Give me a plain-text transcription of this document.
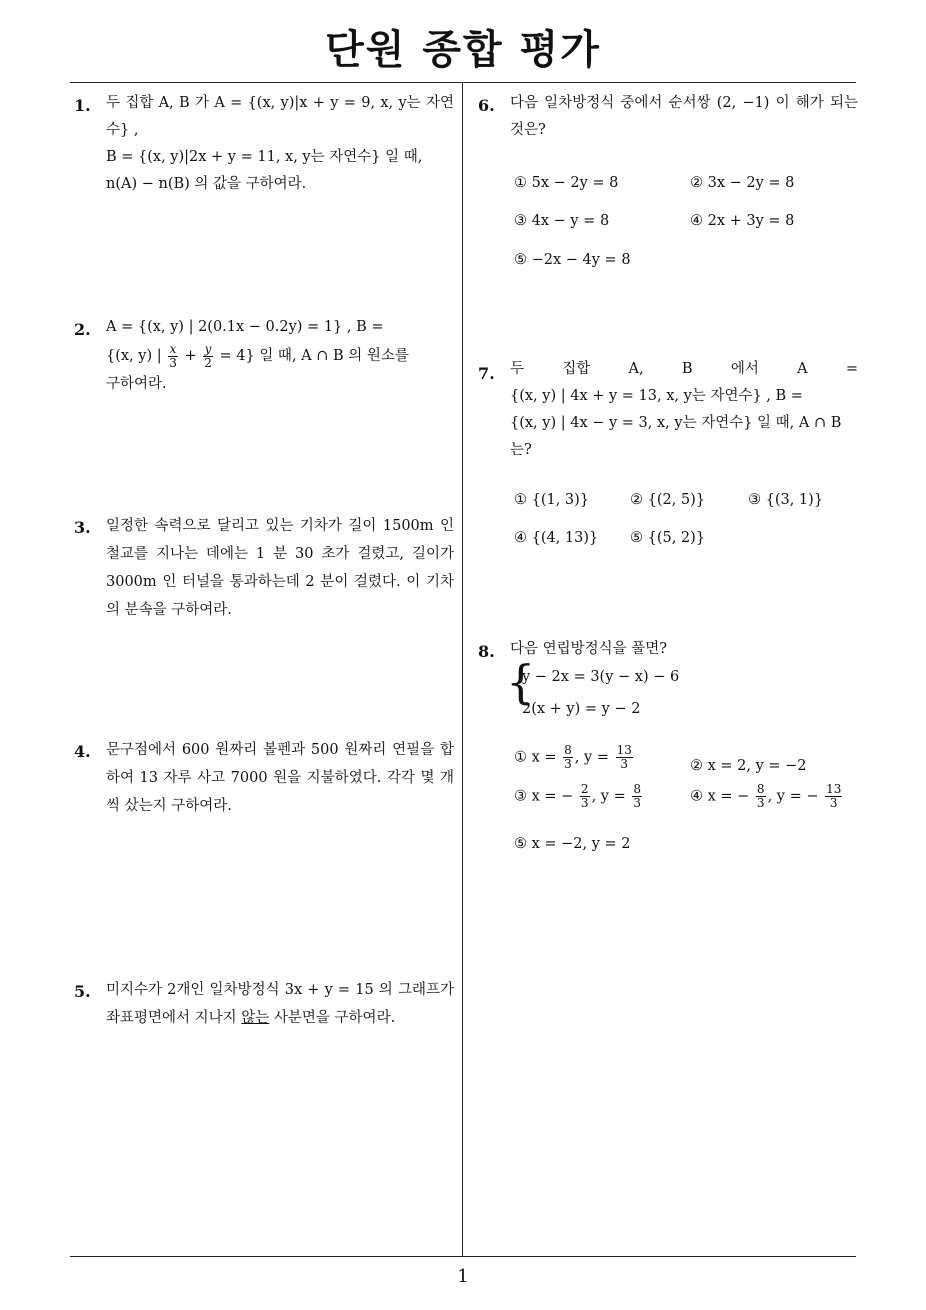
단원 종합 평가
1
1. 두 집합 A, B 가 A = {(x, y)|x + y = 9, x, y는 자연수} ,
B = {(x, y)|2x + y = 11, x, y는 자연수} 일 때,
n(A) − n(B) 의 값을 구하여라.
2. A = {(x, y) | 2(0.1x − 0.2y) = 1} , B =
{(x, y) | $\frac{x}{3} + \frac{y}{2} = 4$} 일 때, A ∩ B 의 원소를
구하여라.
3. 일정한 속력으로 달리고 있는 기차가 길이 1500m 인 철교를 지나는 데에는 1 분 30 초가 걸렸고, 길이가 3000m 인 터널을 통과하는데 2 분이 걸렸다. 이 기차의 분속을 구하여라.
4. 문구점에서 600 원짜리 볼펜과 500 원짜리 연필을 합하여 13 자루 사고 7000 원을 지불하였다. 각각 몇 개씩 샀는지 구하여라.
5. 미지수가 2개인 일차방정식 3x + y = 15 의 그래프가 좌표평면에서 지나지 않는 사분면을 구하여라.
6. 다음 일차방정식 중에서 순서쌍 (2, −1) 이 해가 되는 것은?
① 5x − 2y = 8	② 3x − 2y = 8
③ 4x − y = 8	④ 2x + 3y = 8
⑤ −2x − 4y = 8
7. 두 집합 A, B 에서 A =
{(x, y) | 4x + y = 13, x, y는 자연수} , B =
{(x, y) | 4x − y = 3, x, y는 자연수} 일 때, A ∩ B
는?
① {(1, 3)}	② {(2, 5)}	③ {(3, 1)}
④ {(4, 13)} ⑤ {(5, 2)}
8. 다음 연립방정식을 풀면?
{
y − 2x = 3(y − x) − 6
2(x + y) = y − 2
① $x = \frac{8}{3}$ , $y = \frac{13}{3}$	② x = 2, y = −2
③ x = − $\frac{2}{3}$ , $y = \frac{8}{3}$	④ x = − $\frac{8}{3}$ , y = − $\frac{13}{3}$
⑤ x = −2, y = 2
